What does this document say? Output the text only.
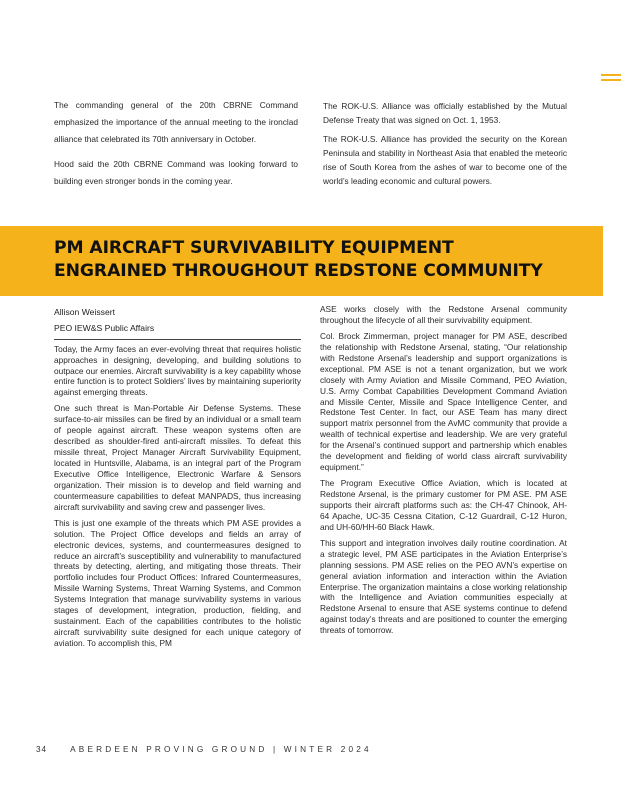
The commanding general of the 20th CBRNE Command emphasized the importance of the annual meeting to the ironclad alliance that celebrated its 70th anniversary in October.

Hood said the 20th CBRNE Command was looking forward to building even stronger bonds in the coming year.

The ROK-U.S. Alliance was officially established by the Mutual Defense Treaty that was signed on Oct. 1, 1953.

The ROK-U.S. Alliance has provided the security on the Korean Peninsula and stability in Northeast Asia that enabled the meteoric rise of South Korea from the ashes of war to become one of the world’s leading economic and cultural powers.

PM AIRCRAFT SURVIVABILITY EQUIPMENT
ENGRAINED THROUGHOUT REDSTONE COMMUNITY
Allison Weissert
PEO IEW&S Public Affairs

Today, the Army faces an ever-evolving threat that requires holistic approaches in designing, developing, and building solutions to outpace our enemies. Aircraft survivability is a key capability whose entire function is to protect Soldiers’ lives by maintaining superiority against emerging threats.

One such threat is Man-Portable Air Defense Systems. These surface-to-air missiles can be fired by an individual or a small team of people against aircraft. These weapon systems often are described as shoulder-fired anti-aircraft missiles. To defeat this missile threat, Project Manager Aircraft Survivability Equipment, located in Huntsville, Alabama, is an integral part of the Program Executive Office Intelligence, Electronic Warfare & Sensors organization. Their mission is to develop and field warning and countermeasure capabilities to defeat MANPADS, thus increasing aircraft survivability and saving crew and passenger lives.

This is just one example of the threats which PM ASE provides a solution. The Project Office develops and fields an array of electronic devices, systems, and countermeasures designed to reduce an aircraft’s susceptibility and vulnerability to manufactured threats by detecting, alerting, and mitigating those threats. Their portfolio includes four Product Offices: Infrared Countermeasures, Missile Warning Systems, Threat Warning Systems, and Common Systems Integration that manage survivability systems in various stages of development, integration, production, fielding, and sustainment. Each of the capabilities contributes to the holistic aircraft survivability suite designed for each unique category of aviation. To accomplish this, PM

ASE works closely with the Redstone Arsenal community throughout the lifecycle of all their survivability equipment.

Col. Brock Zimmerman, project manager for PM ASE, described the relationship with Redstone Arsenal, stating, “Our relationship with Redstone Arsenal’s leadership and support organizations is exceptional. PM ASE is not a tenant organization, but we work closely with Army Aviation and Missile Command, PEO Aviation, U.S. Army Combat Capabilities Development Command Aviation and Missile Center, Missile and Space Intelligence Center, and Redstone Test Center. In fact, our ASE Team has many direct support matrix personnel from the AvMC community that provide a wealth of technical expertise and leadership. We are very grateful for the Arsenal’s continued support and partnership which enables the development and fielding of world class aircraft survivability equipment.”

The Program Executive Office Aviation, which is located at Redstone Arsenal, is the primary customer for PM ASE. PM ASE supports their aircraft platforms such as: the CH-47 Chinook, AH-64 Apache, UC-35 Cessna Citation, C-12 Guardrail, C-12 Huron, and UH-60/HH-60 Black Hawk.

This support and integration involves daily routine coordination. At a strategic level, PM ASE participates in the Aviation Enterprise’s planning sessions. PM ASE relies on the PEO AVN’s expertise on general aviation information and interaction within the Aviation Enterprise. The organization maintains a close working relationship with the Intelligence and Aviation communities especially at Redstone Arsenal to ensure that ASE systems continue to defend against today’s threats and are positioned to counter the emerging threats of tomorrow.

34	ABERDEEN PROVING GROUND | WINTER 2024
